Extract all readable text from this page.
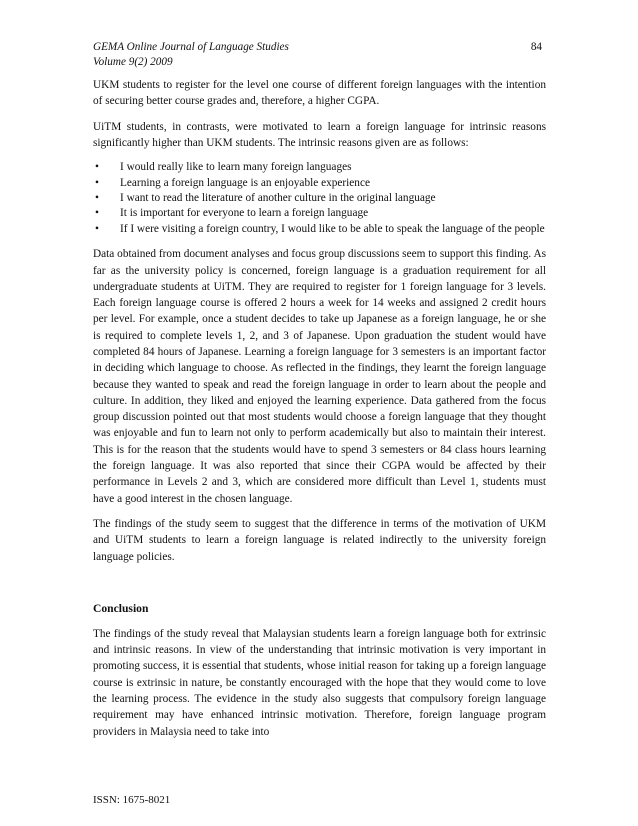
GEMA Online Journal of Language Studies
Volume 9(2) 2009
84

UKM students to register for the level one course of different foreign languages with the intention of securing better course grades and, therefore, a higher CGPA.

UiTM students, in contrasts, were motivated to learn a foreign language for intrinsic reasons significantly higher than UKM students. The intrinsic reasons given are as follows:

• I would really like to learn many foreign languages
• Learning a foreign language is an enjoyable experience
• I want to read the literature of another culture in the original language
• It is important for everyone to learn a foreign language
• If I were visiting a foreign country, I would like to be able to speak the language of the people

Data obtained from document analyses and focus group discussions seem to support this finding. As far as the university policy is concerned, foreign language is a graduation requirement for all undergraduate students at UiTM. They are required to register for 1 foreign language for 3 levels. Each foreign language course is offered 2 hours a week for 14 weeks and assigned 2 credit hours per level. For example, once a student decides to take up Japanese as a foreign language, he or she is required to complete levels 1, 2, and 3 of Japanese. Upon graduation the student would have completed 84 hours of Japanese. Learning a foreign language for 3 semesters is an important factor in deciding which language to choose. As reflected in the findings, they learnt the foreign language because they wanted to speak and read the foreign language in order to learn about the people and culture. In addition, they liked and enjoyed the learning experience. Data gathered from the focus group discussion pointed out that most students would choose a foreign language that they thought was enjoyable and fun to learn not only to perform academically but also to maintain their interest. This is for the reason that the students would have to spend 3 semesters or 84 class hours learning the foreign language. It was also reported that since their CGPA would be affected by their performance in Levels 2 and 3, which are considered more difficult than Level 1, students must have a good interest in the chosen language.

The findings of the study seem to suggest that the difference in terms of the motivation of UKM and UiTM students to learn a foreign language is related indirectly to the university foreign language policies.

Conclusion

The findings of the study reveal that Malaysian students learn a foreign language both for extrinsic and intrinsic reasons. In view of the understanding that intrinsic motivation is very important in promoting success, it is essential that students, whose initial reason for taking up a foreign language course is extrinsic in nature, be constantly encouraged with the hope that they would come to love the learning process. The evidence in the study also suggests that compulsory foreign language requirement may have enhanced intrinsic motivation. Therefore, foreign language program providers in Malaysia need to take into

ISSN: 1675-8021
